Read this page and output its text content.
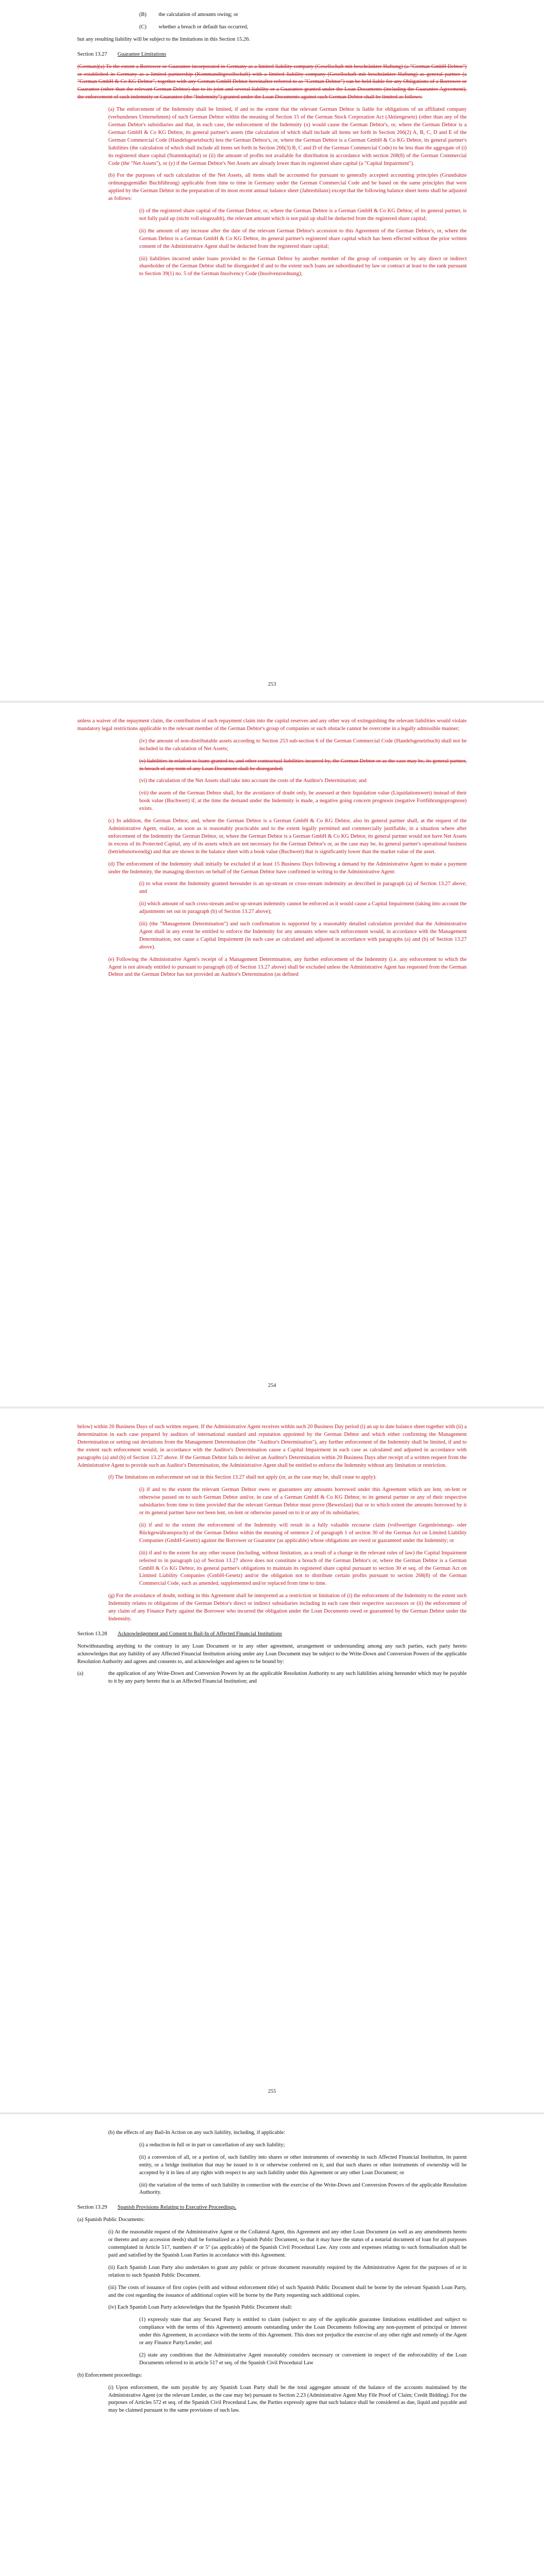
(B) the calculation of amounts owing; or
(C) whether a breach or default has occurred,

but any resulting liability will be subject to the limitations in this Section 15.26.

Section 13.27	Guarantee Limitations

(German)(a) To the extent a Borrower or Guarantor incorporated in Germany as a limited liability company (Gesellschaft mit beschränkter Haftung) (a "German GmbH Debtor") or established in Germany as a limited partnership (Kommanditgesellschaft) with a limited liability company (Gesellschaft mit beschränkter Haftung) as general partner (a "German GmbH & Co KG Debtor", together with any German GmbH Debtor hereinafter referred to as "German Debtor") can be held liable for any Obligations of a Borrower or Guarantor (other than the relevant German Debtor) due to its joint and several liability or a Guarantee granted under the Loan Documents (including the Guarantee Agreement), the enforcement of such indemnity or Guarantee (the "Indemnity") granted under the Loan Documents against such German Debtor shall be limited as follows:

(a) The enforcement of the Indemnity shall be limited, if and to the extent that the relevant German Debtor is liable for obligations of an affiliated company (verbundenes Unternehmen) of such German Debtor within the meaning of Section 15 of the German Stock Corporation Act (Aktiengesetz) (other than any of the German Debtor's subsidiaries and that, in each case, the enforcement of the Indemnity (x) would cause the German Debtor's, or, where the German Debtor is a German GmbH & Co KG Debtor, its general partner's assets (the calculation of which shall include all items set forth in Section 266(2) A, B, C, D and E of the German Commercial Code (Handelsgesetzbuch) less the German Debtor's, or, where the German Debtor is a German GmbH & Co KG Debtor, its general partner's liabilities (the calculation of which shall include all items set forth in Section 266(3) B, C and D of the German Commercial Code) to be less than the aggregate of (i) its registered share capital (Stammkapital) or (ii) the amount of profits not available for distribution in accordance with section 268(8) of the German Commercial Code (the "Net Assets"), or (y) if the German Debtor's Net Assets are already lower than its registered share capital (a "Capital Impairment").

(b) For the purposes of such calculation of the Net Assets, all items shall be accounted for pursuant to generally accepted accounting principles (Grundsätze ordnungsgemäßer Buchführung) applicable from time to time in Germany under the German Commercial Code and be based on the same principles that were applied by the German Debtor in the preparation of its most recent annual balance sheet (Jahresbilanz) except that the following balance sheet items shall be adjusted as follows:

(i) of the registered share capital of the German Debtor, or, where the German Debtor is a German GmbH & Co KG Debtor, of its general partner, is not fully paid up (nicht voll eingezahlt), the relevant amount which is not paid up shall be deducted from the registered share capital;

(ii) the amount of any increase after the date of the relevant German Debtor's accession to this Agreement of the German Debtor's, or, where the German Debtor is a German GmbH & Co KG Debtor, its general partner's registered share capital which has been effected without the prior written consent of the Administrative Agent shall be deducted from the registered share capital;

(iii) liabilities incurred under loans provided to the German Debtor by another member of the group of companies or by any direct or indirect shareholder of the German Debtor shall be disregarded if and to the extent such loans are subordinated by law or contract at least to the rank pursuant to Section 39(1) no. 5 of the German Insolvency Code (Insolvenzordnung);

253

unless a waiver of the repayment claim, the contribution of such repayment claim into the capital reserves and any other way of extinguishing the relevant liabilities would violate mandatory legal restrictions applicable to the relevant member of the German Debtor's group of companies or such obstacle cannot be overcome in a legally admissible manner;

(iv) the amount of non-distributable assets according to Section 253 sub-section 6 of the German Commercial Code (Handelsgesetzbuch) shall not be included in the calculation of Net Assets;

(v) liabilities in relation to loans granted to, and other contractual liabilities incurred by, the German Debtor or as the case may be, its general partner, in breach of any term of any Loan Document shall be disregarded;

(vi) the calculation of the Net Assets shall take into account the costs of the Auditor's Determination; and

(vii) the assets of the German Debtor shall, for the avoidance of doubt only, be assessed at their liquidation value (Liquidationswert) instead of their book value (Buchwert) if, at the time the demand under the Indemnity is made, a negative going concern prognosis (negative Fortführungsprognose) exists.

(c) In addition, the German Debtor, and, where the German Debtor is a German GmbH & Co KG Debtor, also its general partner shall, at the request of the Administrative Agent, realize, as soon as is reasonably practicable and to the extent legally permitted and commercially justifiable, in a situation where after enforcement of the Indemnity the German Debtor, or, where the German Debtor is a German GmbH & Co KG Debtor, its general partner would not have Net Assets in excess of its Protected Capital, any of its assets which are not necessary for the German Debtor's or, as the case may be, its general partner's operational business (betriebsnotwendig) and that are shown in the balance sheet with a book value (Buchwert) that is significantly lower than the market value of the asset.

(d) The enforcement of the Indemnity shall initially be excluded if at least 15 Business Days following a demand by the Administrative Agent to make a payment under the Indemnity, the managing directors on behalf of the German Debtor have confirmed in writing to the Administrative Agent:

(i) to what extent the Indemnity granted hereunder is an up-stream or cross-stream indemnity as described in paragraph (a) of Section 13.27 above; and

(ii) which amount of such cross-stream and/or up-stream indemnity cannot be enforced as it would cause a Capital Impairment (taking into account the adjustments set out in paragraph (b) of Section 13.27 above);

(iii) (the "Management Determination") and such confirmation is supported by a reasonably detailed calculation provided that the Administrative Agent shall in any event be entitled to enforce the Indemnity for any amounts where such enforcement would, in accordance with the Management Determination, not cause a Capital Impairment (in each case as calculated and adjusted in accordance with paragraphs (a) and (b) of Section 13.27 above).

(e) Following the Administrative Agent's receipt of a Management Determination, any further enforcement of the Indemnity (i.e. any enforcement to which the Agent is not already entitled to pursuant to paragraph (d) of Section 13.27 above) shall be excluded unless the Administrative Agent has requested from the German Debtor and the German Debtor has not provided an Auditor's Determination (as defined

254

below) within 20 Business Days of such written request. If the Administrative Agent receives within such 20 Business Day period (i) an up to date balance sheet together with (ii) a determination in each case prepared by auditors of international standard and reputation appointed by the German Debtor and which either confirming the Management Determination or setting out deviations from the Management Determination (the "Auditor's Determination"), any further enforcement of the Indemnity shall be limited, if and to the extent such enforcement would, in accordance with the Auditor's Determination cause a Capital Impairment in each case as calculated and adjusted in accordance with paragraphs (a) and (b) of Section 13.27 above. If the German Debtor fails to deliver an Auditor's Determination within 20 Business Days after receipt of a written request from the Administrative Agent to provide such an Auditor's Determination, the Administrative Agent shall be entitled to enforce the Indemnity without any limitation or restriction.

(f) The limitations on enforcement set out in this Section 13.27 shall not apply (or, as the case may be, shall cease to apply):

(i) if and to the extent the relevant German Debtor owes or guarantees any amounts borrowed under this Agreement which are lent, on-lent or otherwise passed on to such German Debtor and/or, in case of a German GmbH & Co KG Debtor, to its general partner or any of their respective subsidiaries from time to time provided that the relevant German Debtor must prove (Beweislast) that or to which extent the amounts borrowed by it or its general partner have not been lent, on-lent or otherwise passed on to it or any of its subsidiaries;

(ii) if and to the extent the enforcement of the Indemnity will result in a fully valuable recourse claim (vollwertiger Gegenleistungs- oder Rückgewähranspruch) of the German Debtor within the meaning of sentence 2 of paragraph 1 of section 30 of the German Act on Limited Liability Companies (GmbH-Gesetz) against the Borrower or Guarantor (as applicable) whose obligations are owed or guaranteed under the Indemnity; or

(iii) if and to the extent for any other reason (including, without limitation, as a result of a change in the relevant rules of law) the Capital Impairment referred to in paragraph (a) of Section 13.27 above does not constitute a breach of the German Debtor's or, where the German Debtor is a German GmbH & Co KG Debtor, its general partner's obligations to maintain its registered share capital pursuant to section 30 et seq. of the German Act on Limited Liability Companies (GmbH-Gesetz) and/or the obligation not to distribute certain profits pursuant to section 268(8) of the German Commercial Code, each as amended, supplemented and/or replaced from time to time.

(g) For the avoidance of doubt, nothing in this Agreement shall be interpreted as a restriction or limitation of (i) the enforcement of the Indemnity to the extent such Indemnity relates to obligations of the German Debtor's direct or indirect subsidiaries including in each case their respective successors or (ii) the enforcement of any claim of any Finance Party against the Borrower who incurred the obligation under the Loan Documents owed or guaranteed by the German Debtor under the Indemnity.

Section 13.28	Acknowledgement and Consent to Bail-In of Affected Financial Institutions

Notwithstanding anything to the contrary in any Loan Document or in any other agreement, arrangement or understanding among any such parties, each party hereto acknowledges that any liability of any Affected Financial Institution arising under any Loan Document may be subject to the Write-Down and Conversion Powers of the applicable Resolution Authority and agrees and consents to, and acknowledges and agrees to be bound by:

(a)	the application of any Write-Down and Conversion Powers by an the applicable Resolution Authority to any such liabilities arising hereunder which may be payable to it by any party hereto that is an Affected Financial Institution; and
255

(b) the effects of any Bail-In Action on any such liability, including, if applicable:

(i) a reduction in full or in part or cancellation of any such liability;

(ii) a conversion of all, or a portion of, such liability into shares or other instruments of ownership in such Affected Financial Institution, its parent entity, or a bridge institution that may be issued to it or otherwise conferred on it, and that such shares or other instruments of ownership will be accepted by it in lieu of any rights with respect to any such liability under this Agreement or any other Loan Document; or

(iii) the variation of the terms of such liability in connection with the exercise of the Write-Down and Conversion Powers of the applicable Resolution Authority.

Section 13.29	Spanish Provisions Relating to Executive Proceedings.

(a) Spanish Public Documents:

(i) At the reasonable request of the Administrative Agent or the Collateral Agent, this Agreement and any other Loan Document (as well as any amendments hereto or thereto and any accession deeds) shall be formalized as a Spanish Public Document, so that it may have the status of a notarial document of loan for all purposes contemplated in Article 517, numbers 4º or 5º (as applicable) of the Spanish Civil Procedural Law. Any costs and expenses relating to such formalisation shall be paid and satisfied by the Spanish Loan Parties in accordance with this Agreement.

(ii) Each Spanish Loan Party also undertakes to grant any public or private document reasonably required by the Administrative Agent for the purposes of or in relation to such Spanish Public Document.

(iii) The costs of issuance of first copies (with and without enforcement title) of such Spanish Public Document shall be borne by the relevant Spanish Loan Party, and the cost regarding the issuance of additional copies will be borne by the Party requesting such additional copies.

(iv) Each Spanish Loan Party acknowledges that the Spanish Public Document shall:

(1) expressly state that any Secured Party is entitled to claim (subject to any of the applicable guarantee limitations established and subject to compliance with the terms of this Agreement) amounts outstanding under the Loan Documents following any non-payment of principal or interest under this Agreement, in accordance with the terms of this Agreement. This does not prejudice the exercise of any other right and remedy of the Agent or any Finance Party/Lender; and

(2) state any conditions that the Administrative Agent reasonably considers necessary or convenient in respect of the enforceability of the Loan Documents referred to in article 517 et seq. of the Spanish Civil Procedural Law

(b) Enforcement proceedings:

(i) Upon enforcement, the sum payable by any Spanish Loan Party shall be the total aggregate amount of the balance of the accounts maintained by the Administrative Agent (or the relevant Lender, as the case may be) pursuant to Section 2.23 (Administrative Agent May File Proof of Claim; Credit Bidding). For the purposes of Articles 572 et seq. of the Spanish Civil Procedural Law, the Parties expressly agree that such balance shall be considered as due, liquid and payable and may be claimed pursuant to the same provisions of such law.
